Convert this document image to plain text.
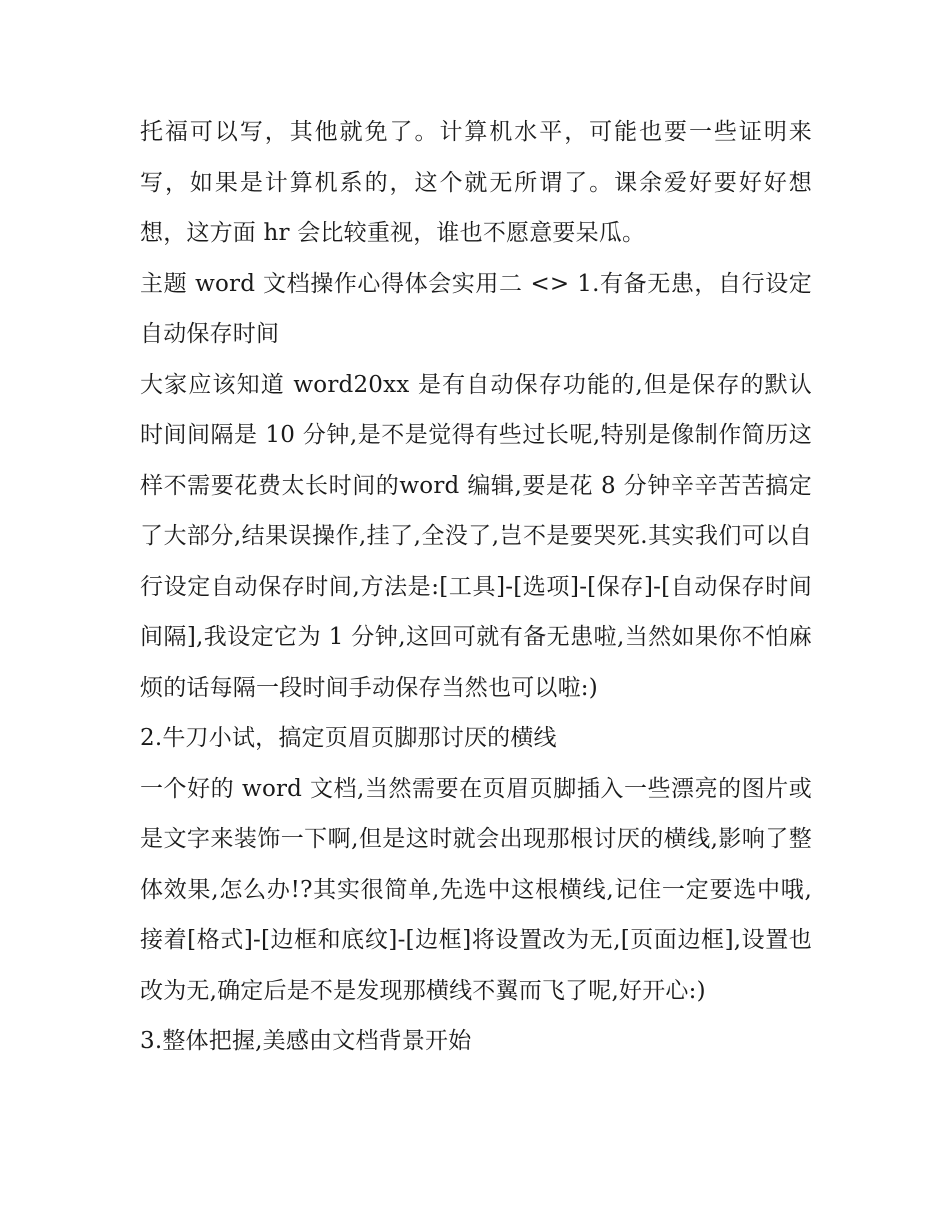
托福可以写，其他就免了。计算机水平，可能也要一些证明来写，如果是计算机系的，这个就无所谓了。课余爱好要好好想想，这方面 hr 会比较重视，谁也不愿意要呆瓜。

主题 word 文档操作心得体会实用二 <> 1.有备无患，自行设定自动保存时间

大家应该知道 word20xx 是有自动保存功能的,但是保存的默认时间间隔是 10 分钟,是不是觉得有些过长呢,特别是像制作简历这样不需要花费太长时间的word 编辑,要是花 8 分钟辛辛苦苦搞定了大部分,结果误操作,挂了,全没了,岂不是要哭死.其实我们可以自行设定自动保存时间,方法是:[工具]-[选项]-[保存]-[自动保存时间间隔],我设定它为 1 分钟,这回可就有备无患啦,当然如果你不怕麻烦的话每隔一段时间手动保存当然也可以啦:)

2.牛刀小试，搞定页眉页脚那讨厌的横线

一个好的 word 文档,当然需要在页眉页脚插入一些漂亮的图片或是文字来装饰一下啊,但是这时就会出现那根讨厌的横线,影响了整体效果,怎么办!?其实很简单,先选中这根横线,记住一定要选中哦,接着[格式]-[边框和底纹]-[边框]将设置改为无,[页面边框],设置也改为无,确定后是不是发现那横线不翼而飞了呢,好开心:)

3.整体把握,美感由文档背景开始
